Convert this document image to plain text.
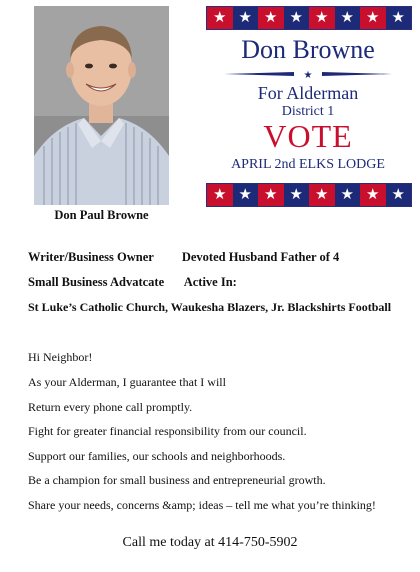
Don Paul Browne
★ ★ ★ ★ ★ ★ ★ ★
Don Browne
★
For Alderman
District 1
VOTE
APRIL 2nd ELKS LODGE
★ ★ ★ ★ ★ ★ ★ ★
Writer/Business Owner Devoted Husband Father of 4
Small Business Advatcate Active In:
St Luke’s Catholic Church, Waukesha Blazers, Jr. Blackshirts Football
Hi Neighbor!
As your Alderman, I guarantee that I will
Return every phone call promptly.
Fight for greater financial responsibility from our council.
Support our families, our schools and neighborhoods.
Be a champion for small business and entrepreneurial growth.
Share your needs, concerns &amp; ideas – tell me what you’re thinking!
Call me today at 414-750-5902
